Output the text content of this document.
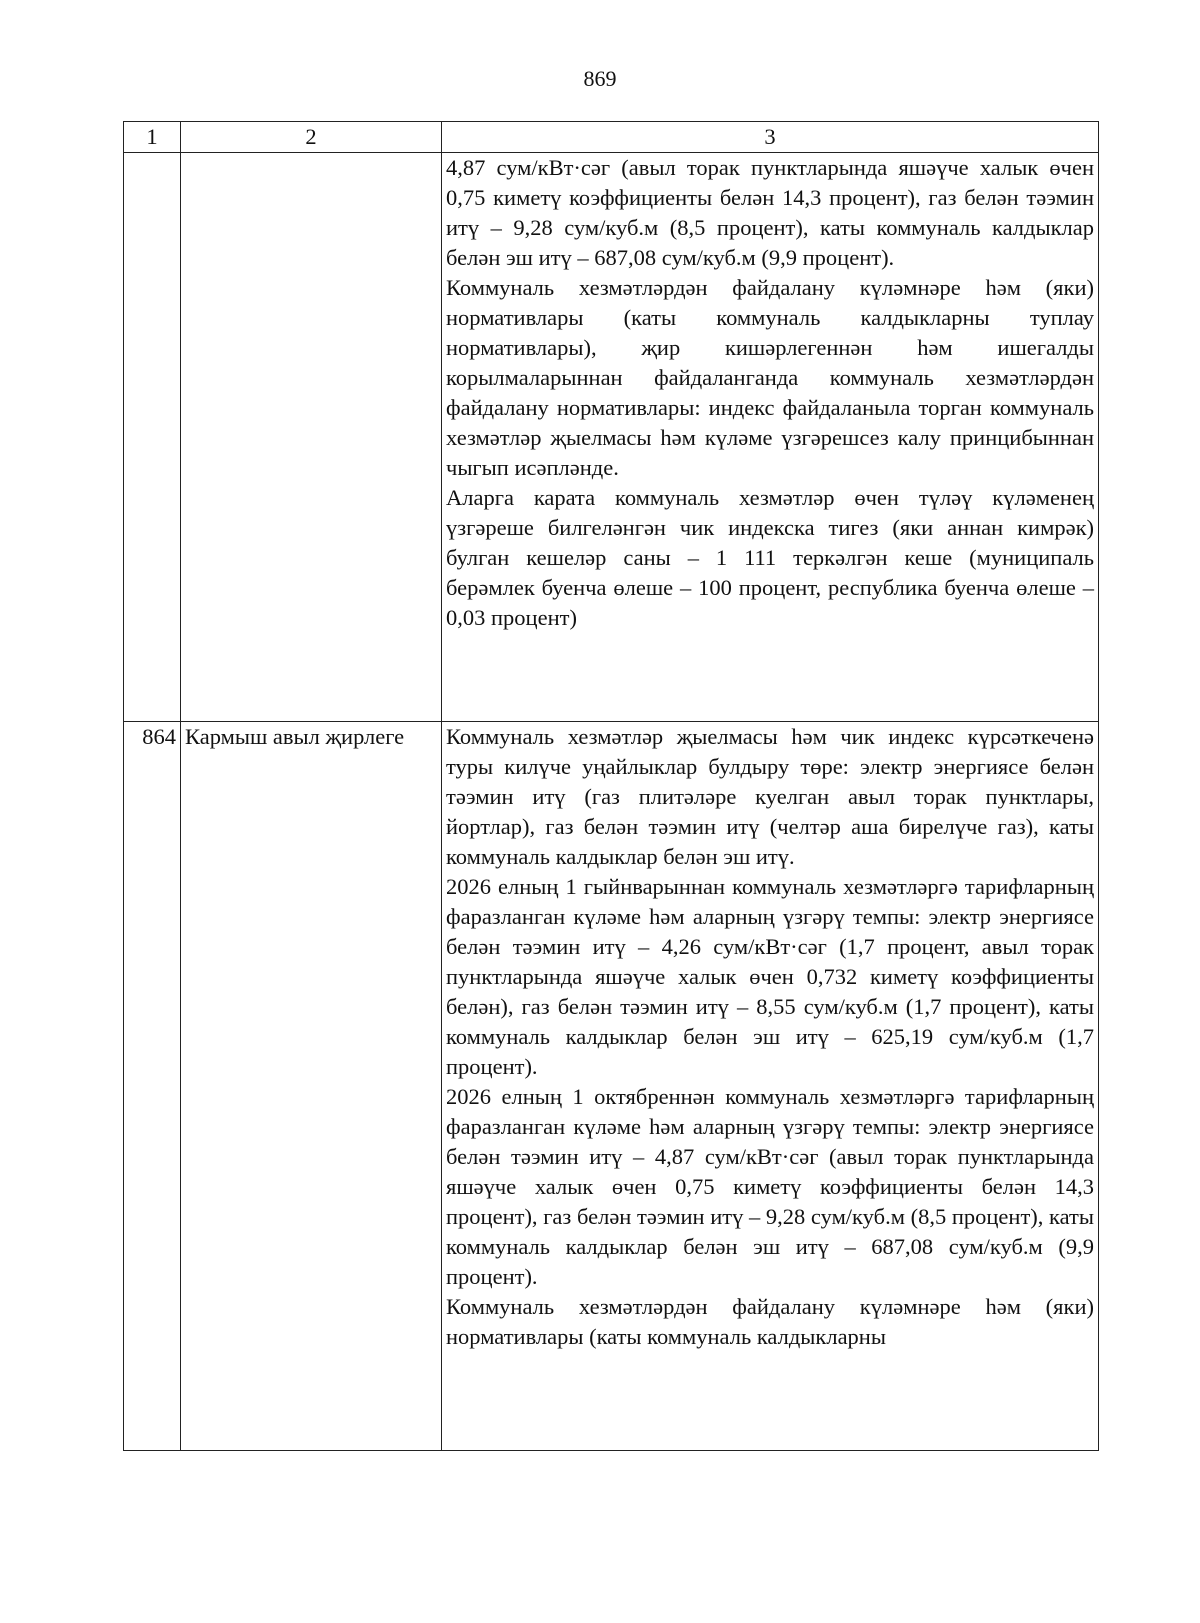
869
1	2	3

		4,87 сум/кВт·сәг (авыл торак пунктларында яшәүче халык өчен 0,75 киметү коэффициенты белән 14,3 процент), газ белән тәэмин итү – 9,28 сум/куб.м (8,5 процент), каты коммуналь калдыклар белән эш итү – 687,08 сум/куб.м (9,9 процент).

Коммуналь хезмәтләрдән файдалану күләмнәре һәм (яки) нормативлары (каты коммуналь калдыкларны туплау нормативлары), җир кишәрлегеннән һәм ишегалды корылмаларыннан файдаланганда коммуналь хезмәтләрдән файдалану нормативлары: индекс файдаланыла торган коммуналь хезмәтләр җыелмасы һәм күләме үзгәрешсез калу принцибыннан чыгып исәпләнде.

Аларга карата коммуналь хезмәтләр өчен түләү күләменең үзгәреше билгеләнгән чик индекска тигез (яки аннан кимрәк) булган кешеләр саны – 1 111 теркәлгән кеше (муниципаль берәмлек буенча өлеше – 100 процент, республика буенча өлеше – 0,03 процент)

864	Кармыш авыл җирлеге	Коммуналь хезмәтләр җыелмасы һәм чик индекс күрсәткеченә туры килүче уңайлыклар булдыру төре: электр энергиясе белән тәэмин итү (газ плитәләре куелган авыл торак пунктлары, йортлар), газ белән тәэмин итү (челтәр аша бирелүче газ), каты коммуналь калдыклар белән эш итү.

2026 елның 1 гыйнварыннан коммуналь хезмәтләргә тарифларның фаразланган күләме һәм аларның үзгәрү темпы: электр энергиясе белән тәэмин итү – 4,26 сум/кВт·сәг (1,7 процент, авыл торак пунктларында яшәүче халык өчен 0,732 киметү коэффициенты белән), газ белән тәэмин итү – 8,55 сум/куб.м (1,7 процент), каты коммуналь калдыклар белән эш итү – 625,19 сум/куб.м (1,7 процент).

2026 елның 1 октябреннән коммуналь хезмәтләргә тарифларның фаразланган күләме һәм аларның үзгәрү темпы: электр энергиясе белән тәэмин итү – 4,87 сум/кВт·сәг (авыл торак пунктларында яшәүче халык өчен 0,75 киметү коэффициенты белән 14,3 процент), газ белән тәэмин итү – 9,28 сум/куб.м (8,5 процент), каты коммуналь калдыклар белән эш итү – 687,08 сум/куб.м (9,9 процент).

Коммуналь хезмәтләрдән файдалану күләмнәре һәм (яки) нормативлары (каты коммуналь калдыкларны
